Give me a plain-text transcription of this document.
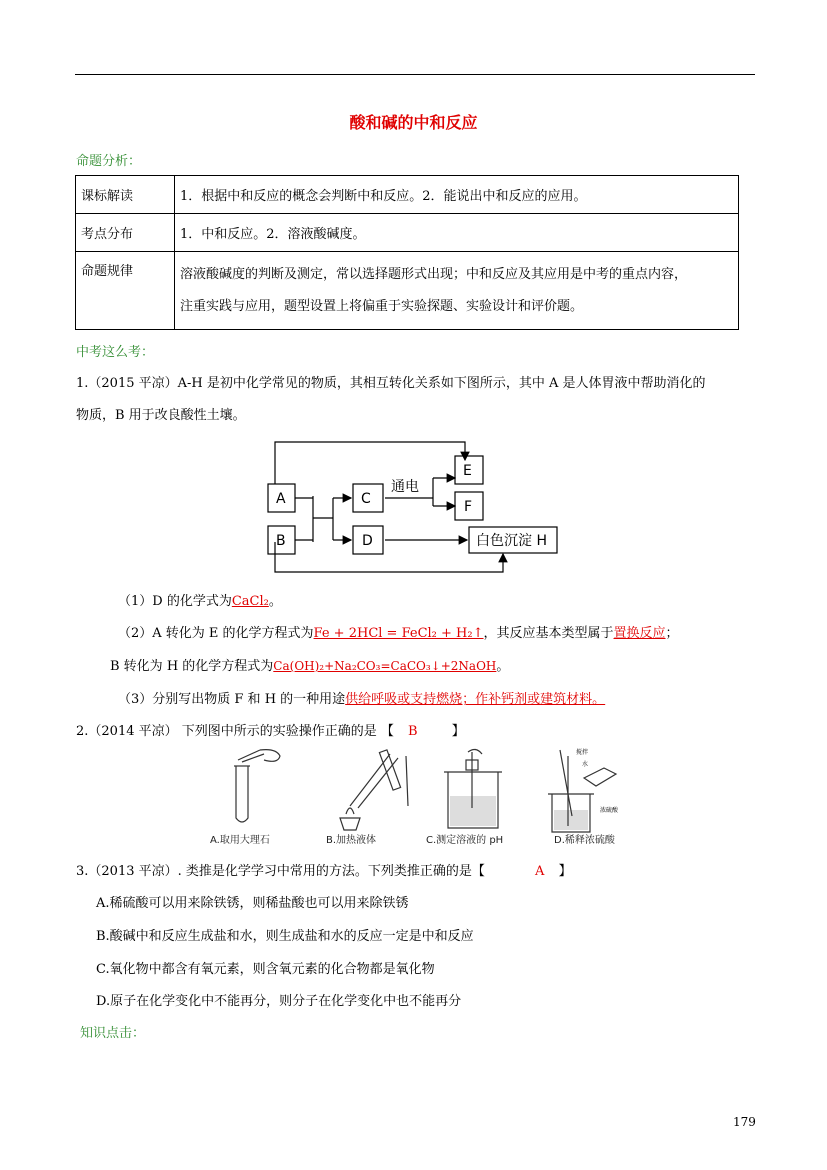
酸和碱的中和反应
命题分析：
课标解读	1．根据中和反应的概念会判断中和反应。2．能说出中和反应的应用。
考点分布	1．中和反应。2．溶液酸碱度。
命题规律	溶液酸碱度的判断及测定，常以选择题形式出现；中和反应及其应用是中考的重点内容，
注重实践与应用，题型设置上将偏重于实验探题、实验设计和评价题。
中考这么考：
1.（2015 平凉）A-H 是初中化学常见的物质，其相互转化关系如下图所示，其中 A 是人体胃液中帮助消化的
物质，B 用于改良酸性土壤。
A
B
C
D
E
F
白色沉淀 H
通电
（1）D 的化学式为CaCl₂。
（2）A 转化为 E 的化学方程式为Fe + 2HCl = FeCl₂ + H₂↑，其反应基本类型属于置换反应；
B 转化为 H 的化学方程式为Ca(OH)₂+Na₂CO₃=CaCO₃↓+2NaOH。
（3）分别写出物质 F 和 H 的一种用途供给呼吸或支持燃烧；作补钙剂或建筑材料。
2.（2014 平凉） 下列图中所示的实验操作正确的是 【 B	】
搅拌
水
浓硫酸
A.取用大理石	B.加热液体	C.测定溶液的 pH	D.稀释浓硫酸
3.（2013 平凉）. 类推是化学学习中常用的方法。下列类推正确的是【	A 】
A.稀硫酸可以用来除铁锈，则稀盐酸也可以用来除铁锈
B.酸碱中和反应生成盐和水，则生成盐和水的反应一定是中和反应
C.氧化物中都含有氧元素，则含氧元素的化合物都是氧化物
D.原子在化学变化中不能再分，则分子在化学变化中也不能再分
知识点击：
179
